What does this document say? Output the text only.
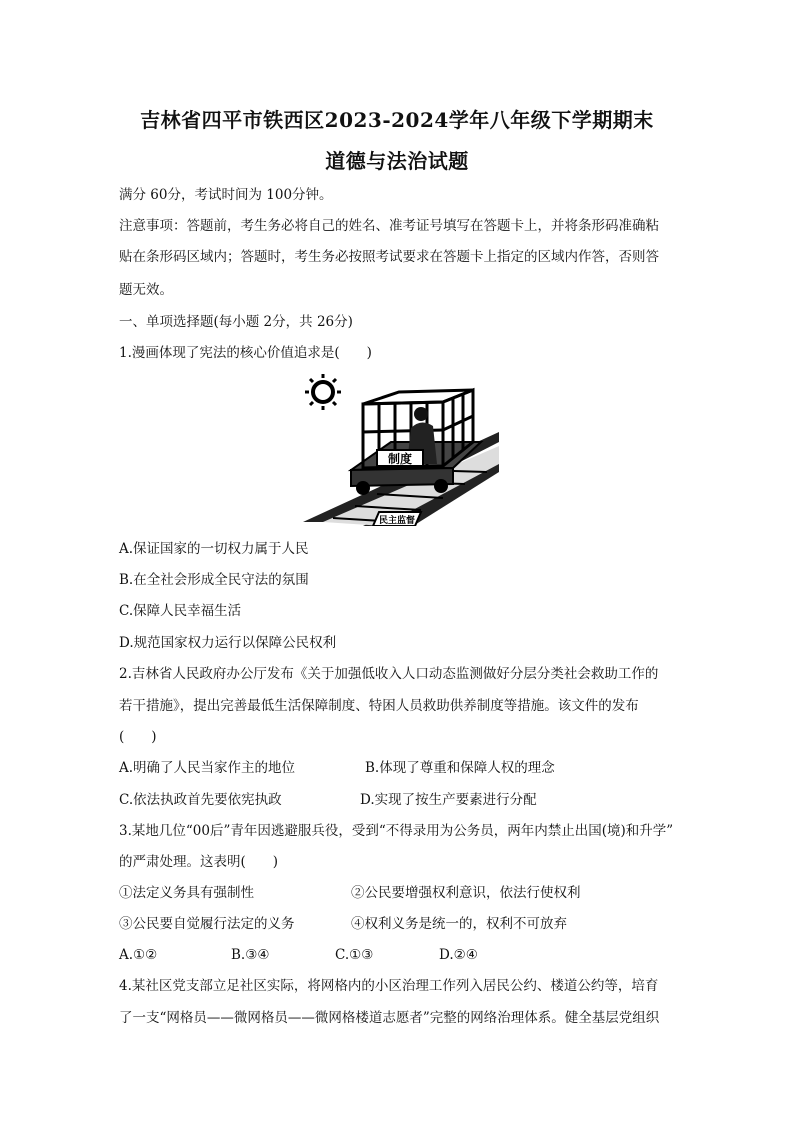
吉林省四平市铁西区2023-2024学年八年级下学期期末
道德与法治试题
满分 60分，考试时间为 100分钟。
注意事项：答题前，考生务必将自己的姓名、准考证号填写在答题卡上，并将条形码准确粘
贴在条形码区域内；答题时，考生务必按照考试要求在答题卡上指定的区域内作答，否则答
题无效。
一、单项选择题(每小题 2分，共 26分)
1.漫画体现了宪法的核心价值追求是(　　)
民主监督
制度
A.保证国家的一切权力属于人民
B.在全社会形成全民守法的氛围
C.保障人民幸福生活
D.规范国家权力运行以保障公民权利
2.吉林省人民政府办公厅发布《关于加强低收入人口动态监测做好分层分类社会救助工作的
若干措施》，提出完善最低生活保障制度、特困人员救助供养制度等措施。该文件的发布
(　　)
A.明确了人民当家作主的地位	B.体现了尊重和保障人权的理念
C.依法执政首先要依宪执政	D.实现了按生产要素进行分配
3.某地几位“00后”青年因逃避服兵役，受到“不得录用为公务员，两年内禁止出国(境)和升学”
的严肃处理。这表明(　　)
①法定义务具有强制性	②公民要增强权利意识，依法行使权利
③公民要自觉履行法定的义务	④权利义务是统一的，权利不可放弃
A.①②	B.③④	C.①③	D.②④
4.某社区党支部立足社区实际，将网格内的小区治理工作列入居民公约、楼道公约等，培育
了一支“网格员——微网格员——微网格楼道志愿者”完整的网络治理体系。健全基层党组织
